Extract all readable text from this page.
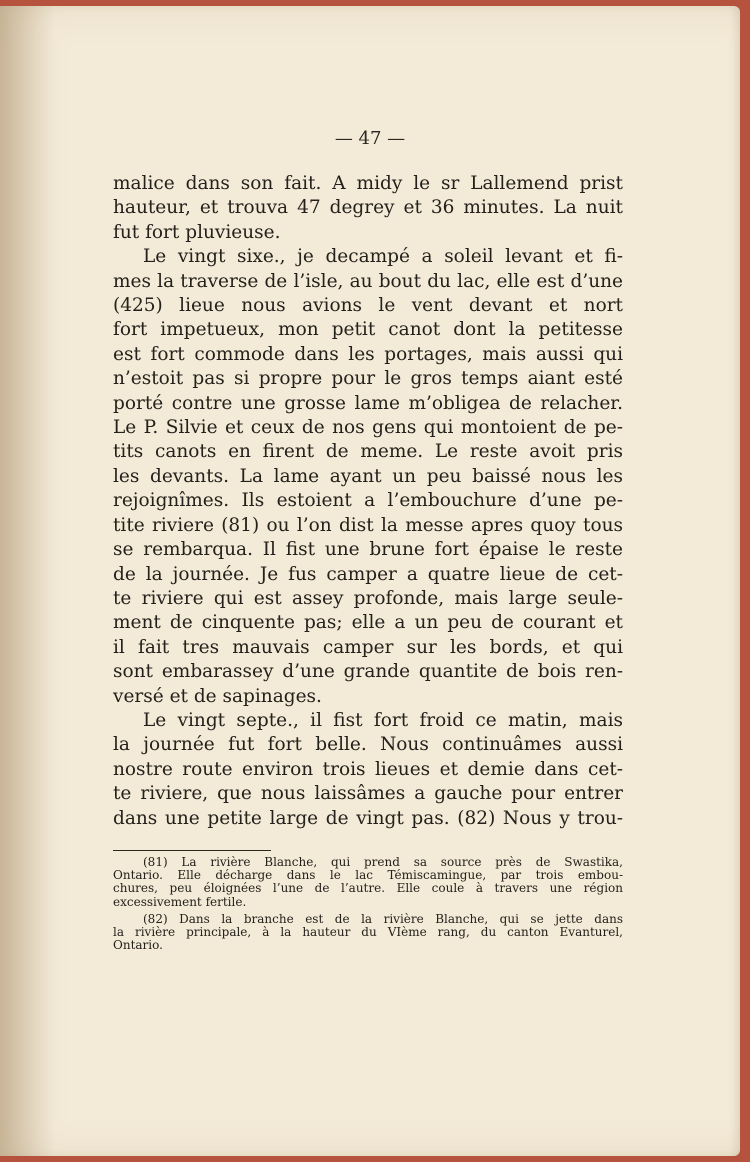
— 47 —
malice dans son fait. A midy le sr Lallemend prist
hauteur, et trouva 47 degrey et 36 minutes. La nuit
fut fort pluvieuse.
Le vingt sixe., je decampé a soleil levant et fi-
mes la traverse de l’isle, au bout du lac, elle est d’une
(425) lieue nous avions le vent devant et nort
fort impetueux, mon petit canot dont la petitesse
est fort commode dans les portages, mais aussi qui
n’estoit pas si propre pour le gros temps aiant esté
porté contre une grosse lame m’obligea de relacher.
Le P. Silvie et ceux de nos gens qui montoient de pe-
tits canots en firent de meme. Le reste avoit pris
les devants. La lame ayant un peu baissé nous les
rejoignîmes. Ils estoient a l’embouchure d’une pe-
tite riviere (81) ou l’on dist la messe apres quoy tous
se rembarqua. Il fist une brune fort épaise le reste
de la journée. Je fus camper a quatre lieue de cet-
te riviere qui est assey profonde, mais large seule-
ment de cinquente pas; elle a un peu de courant et
il fait tres mauvais camper sur les bords, et qui
sont embarassey d’une grande quantite de bois ren-
versé et de sapinages.
Le vingt septe., il fist fort froid ce matin, mais
la journée fut fort belle. Nous continuâmes aussi
nostre route environ trois lieues et demie dans cet-
te riviere, que nous laissâmes a gauche pour entrer
dans une petite large de vingt pas. (82) Nous y trou-
(81) La rivière Blanche, qui prend sa source près de Swastika,
Ontario. Elle décharge dans le lac Témiscamingue, par trois embou-
chures, peu éloignées l’une de l’autre. Elle coule à travers une région
excessivement fertile.
(82) Dans la branche est de la rivière Blanche, qui se jette dans
la rivière principale, à la hauteur du VIème rang, du canton Evanturel,
Ontario.
